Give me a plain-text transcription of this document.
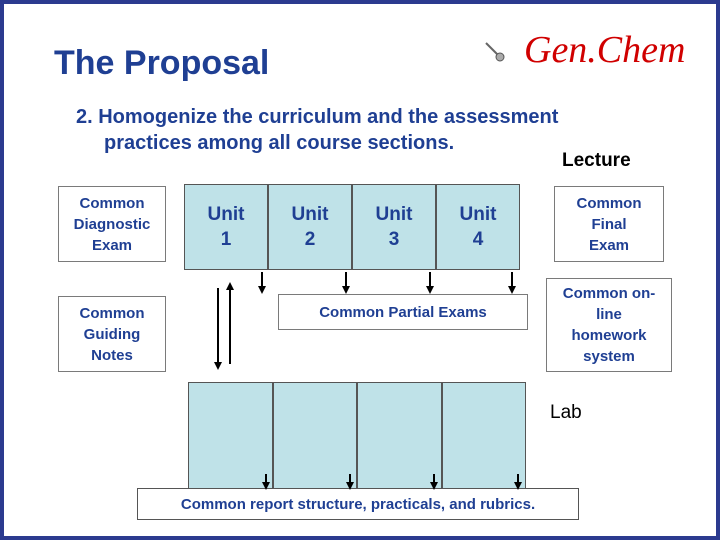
The Proposal	Gen.Chem
2. Homogenize the curriculum and the assessment
practices among all course sections.
Lecture
Lab
Common
Diagnostic
Exam
Common
Guiding
Notes
Unit
1
Unit
2
Unit
3
Unit
4
Common
Final
Exam
Common on-
line
homework
system
Common Partial Exams
Common report structure, practicals, and rubrics.
